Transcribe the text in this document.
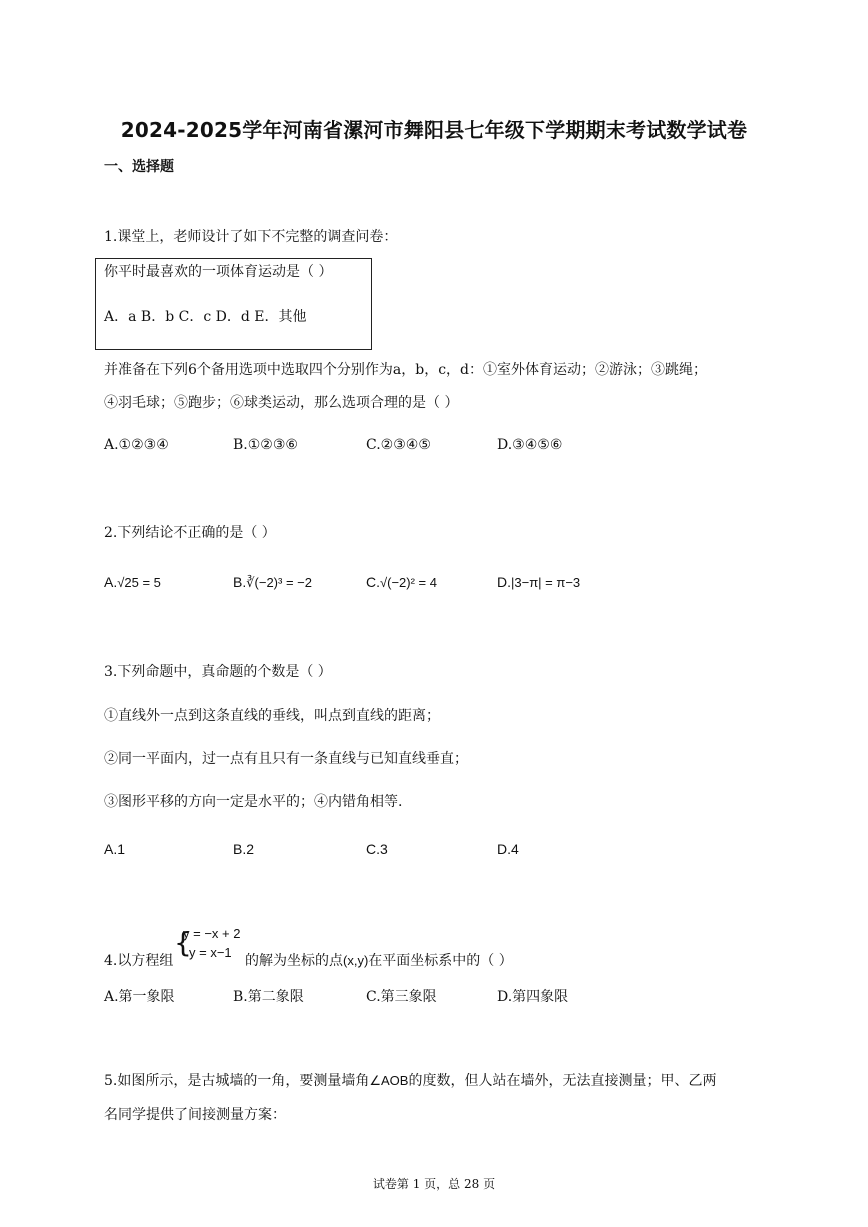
2024-2025学年河南省漯河市舞阳县七年级下学期期末考试数学试卷
一、选择题
1.课堂上，老师设计了如下不完整的调查问卷：
你平时最喜欢的一项体育运动是（ ）
A．a B．b C．c D．d E．其他
并准备在下列6个备用选项中选取四个分别作为a，b，c，d：①室外体育运动；②游泳；③跳绳；
④羽毛球；⑤跑步；⑥球类运动，那么选项合理的是（ ）
A.①②③④	B.①②③⑥	C.②③④⑤	D.③④⑤⑥
2.下列结论不正确的是（ ）
A.√25 = 5	B.∛(−2)³ = −2	C.√(−2)² = 4	D.|3−π| = π−3
3.下列命题中，真命题的个数是（ ）
①直线外一点到这条直线的垂线，叫点到直线的距离；
②同一平面内，过一点有且只有一条直线与已知直线垂直；
③图形平移的方向一定是水平的；④内错角相等.
A.1	B.2	C.3	D.4
{
y = −x + 2
y = x−1
4.以方程组	的解为坐标的点(x,y)在平面坐标系中的（ ）
A.第一象限	B.第二象限	C.第三象限	D.第四象限
5.如图所示，是古城墙的一角，要测量墙角∠AOB的度数，但人站在墙外，无法直接测量；甲、乙两
名同学提供了间接测量方案：
试卷第 1 页，总 28 页
